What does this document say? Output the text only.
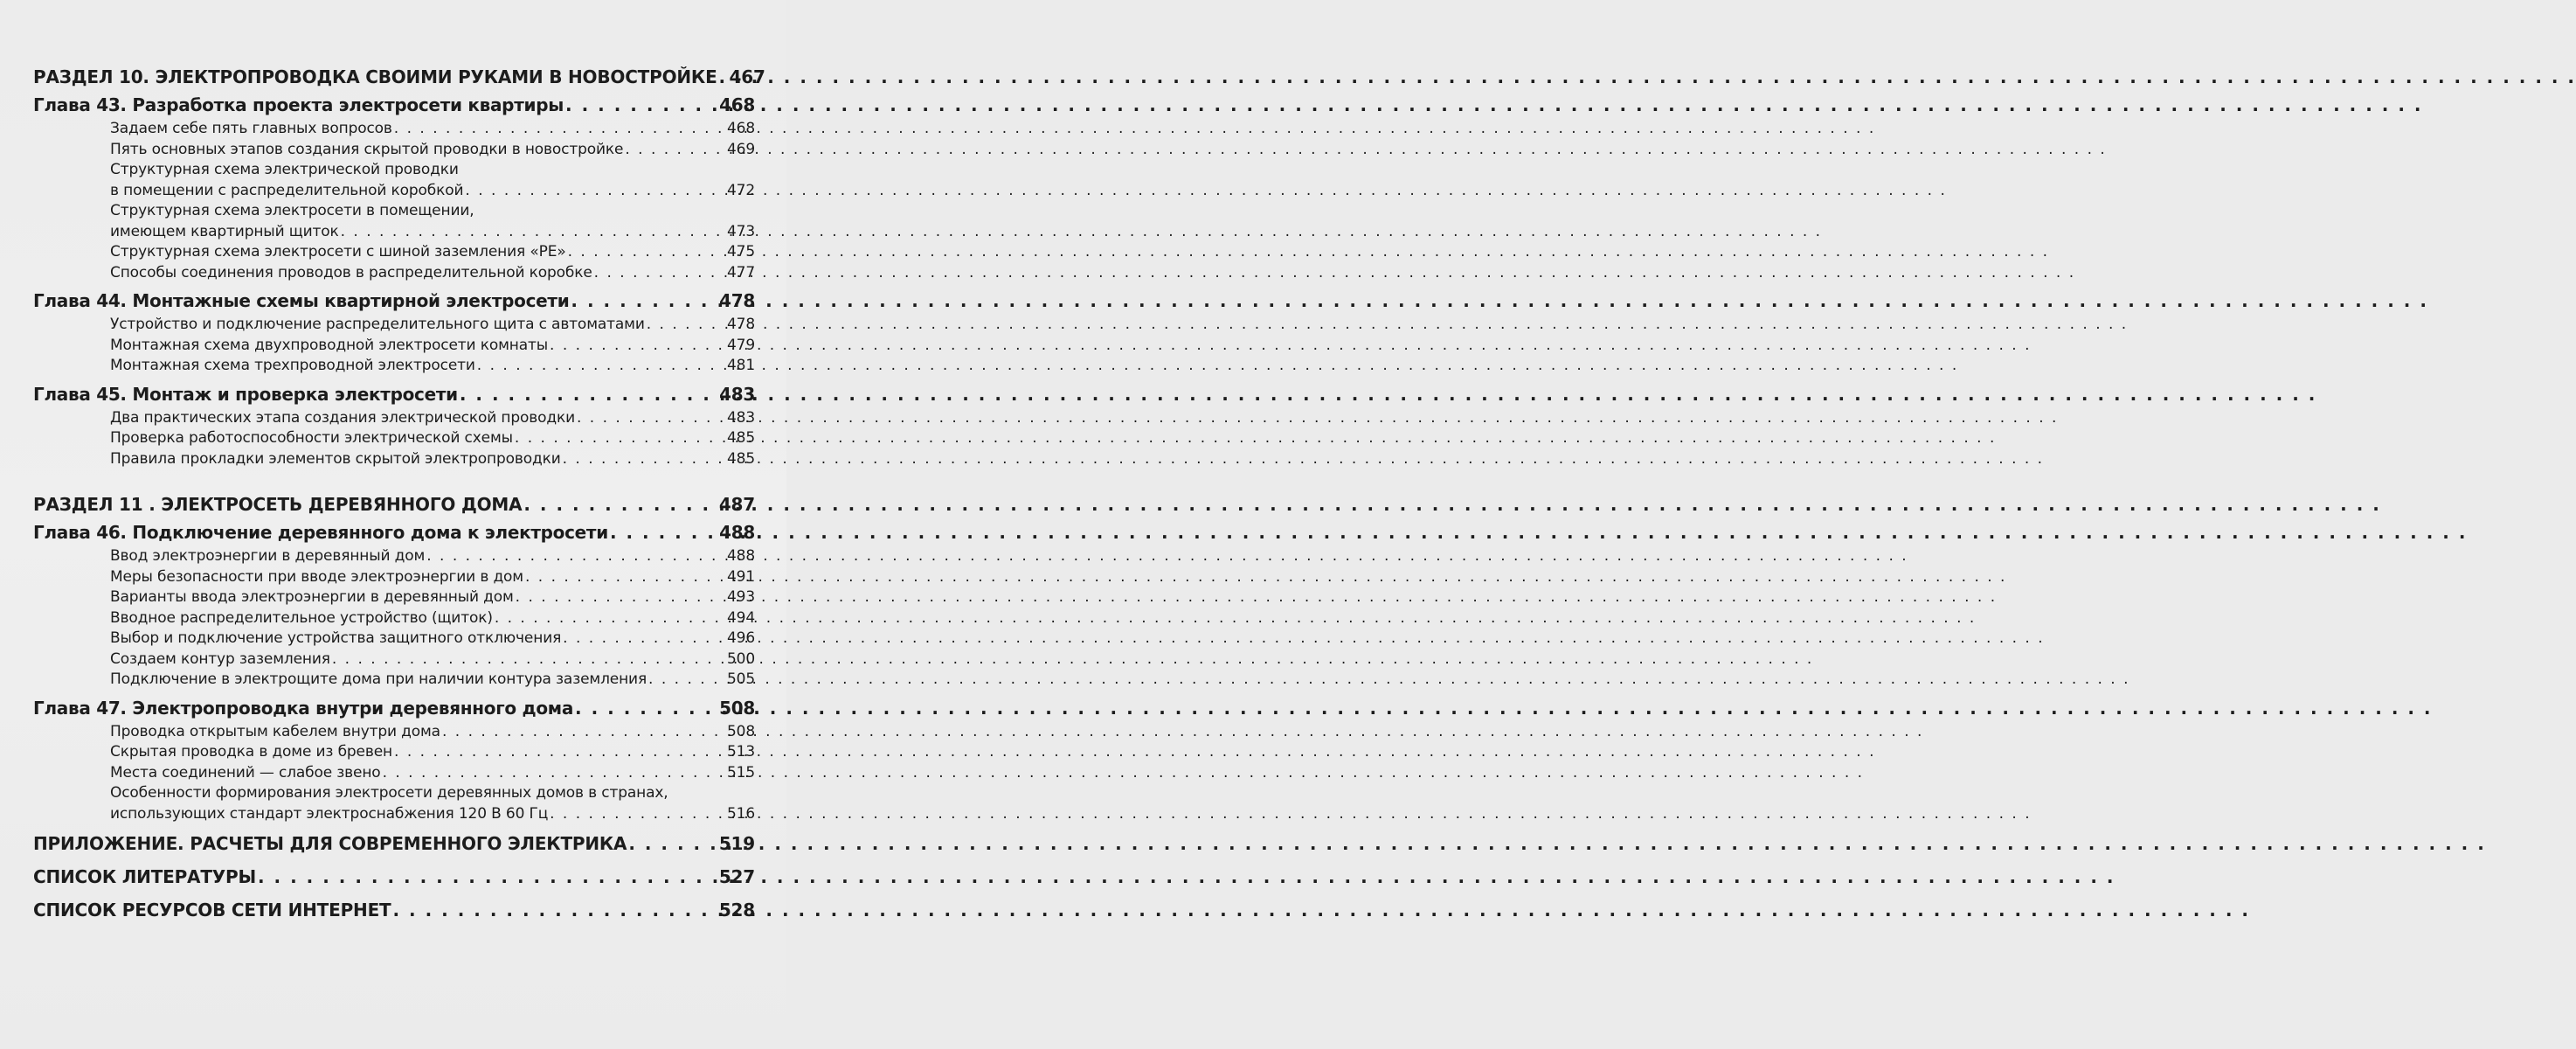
РАЗДЕЛ 10. ЭЛЕКТРОПРОВОДКА СВОИМИ РУКАМИ В НОВОСТРОЙКЕ . . . 467
Глава 43. Разработка проекта электросети квартиры . . .	468
Задаем себе пять главных вопросов . . .	468
Пять основных этапов создания скрытой проводки в новостройке . . .	469
Структурная схема электрической проводки
в помещении с распределительной коробкой . . .	472
Структурная схема электросети в помещении,
имеющем квартирный щиток . . .	473
Структурная схема электросети с шиной заземления «PE» . . .	475
Способы соединения проводов в распределительной коробке . . .	477
Глава 44. Монтажные схемы квартирной электросети . . .	478
Устройство и подключение распределительного щита с автоматами . . .	478
Монтажная схема двухпроводной электросети комнаты . . .	479
Монтажная схема трехпроводной электросети . . .	481
Глава 45. Монтаж и проверка электросети . . .	483
Два практических этапа создания электрической проводки . . .	483
Проверка работоспособности электрической схемы . . .	485
Правила прокладки элементов скрытой электропроводки . . .	485
РАЗДЕЛ 11 . ЭЛЕКТРОСЕТЬ ДЕРЕВЯННОГО ДОМА . . .	487
Глава 46. Подключение деревянного дома к электросети . . .	488
Ввод электроэнергии в деревянный дом . . .	488
Меры безопасности при вводе электроэнергии в дом . . .	491
Варианты ввода электроэнергии в деревянный дом . . .	493
Вводное распределительное устройство (щиток) . . .	494
Выбор и подключение устройства защитного отключения . . .	496
Создаем контур заземления . . .	500
Подключение в электрощите дома при наличии контура заземления . . .	505
Глава 47. Электропроводка внутри деревянного дома . . .	508
Проводка открытым кабелем внутри дома . . .	508
Скрытая проводка в доме из бревен . . .	513
Места соединений — слабое звено . . .	515
Особенности формирования электросети деревянных домов в странах,
использующих стандарт электроснабжения 120 В 60 Гц . . .	516
ПРИЛОЖЕНИЕ. РАСЧЕТЫ ДЛЯ СОВРЕМЕННОГО ЭЛЕКТРИКА . . .	519
СПИСОК ЛИТЕРАТУРЫ . . .	527
СПИСОК РЕСУРСОВ СЕТИ ИНТЕРНЕТ . . .	528
